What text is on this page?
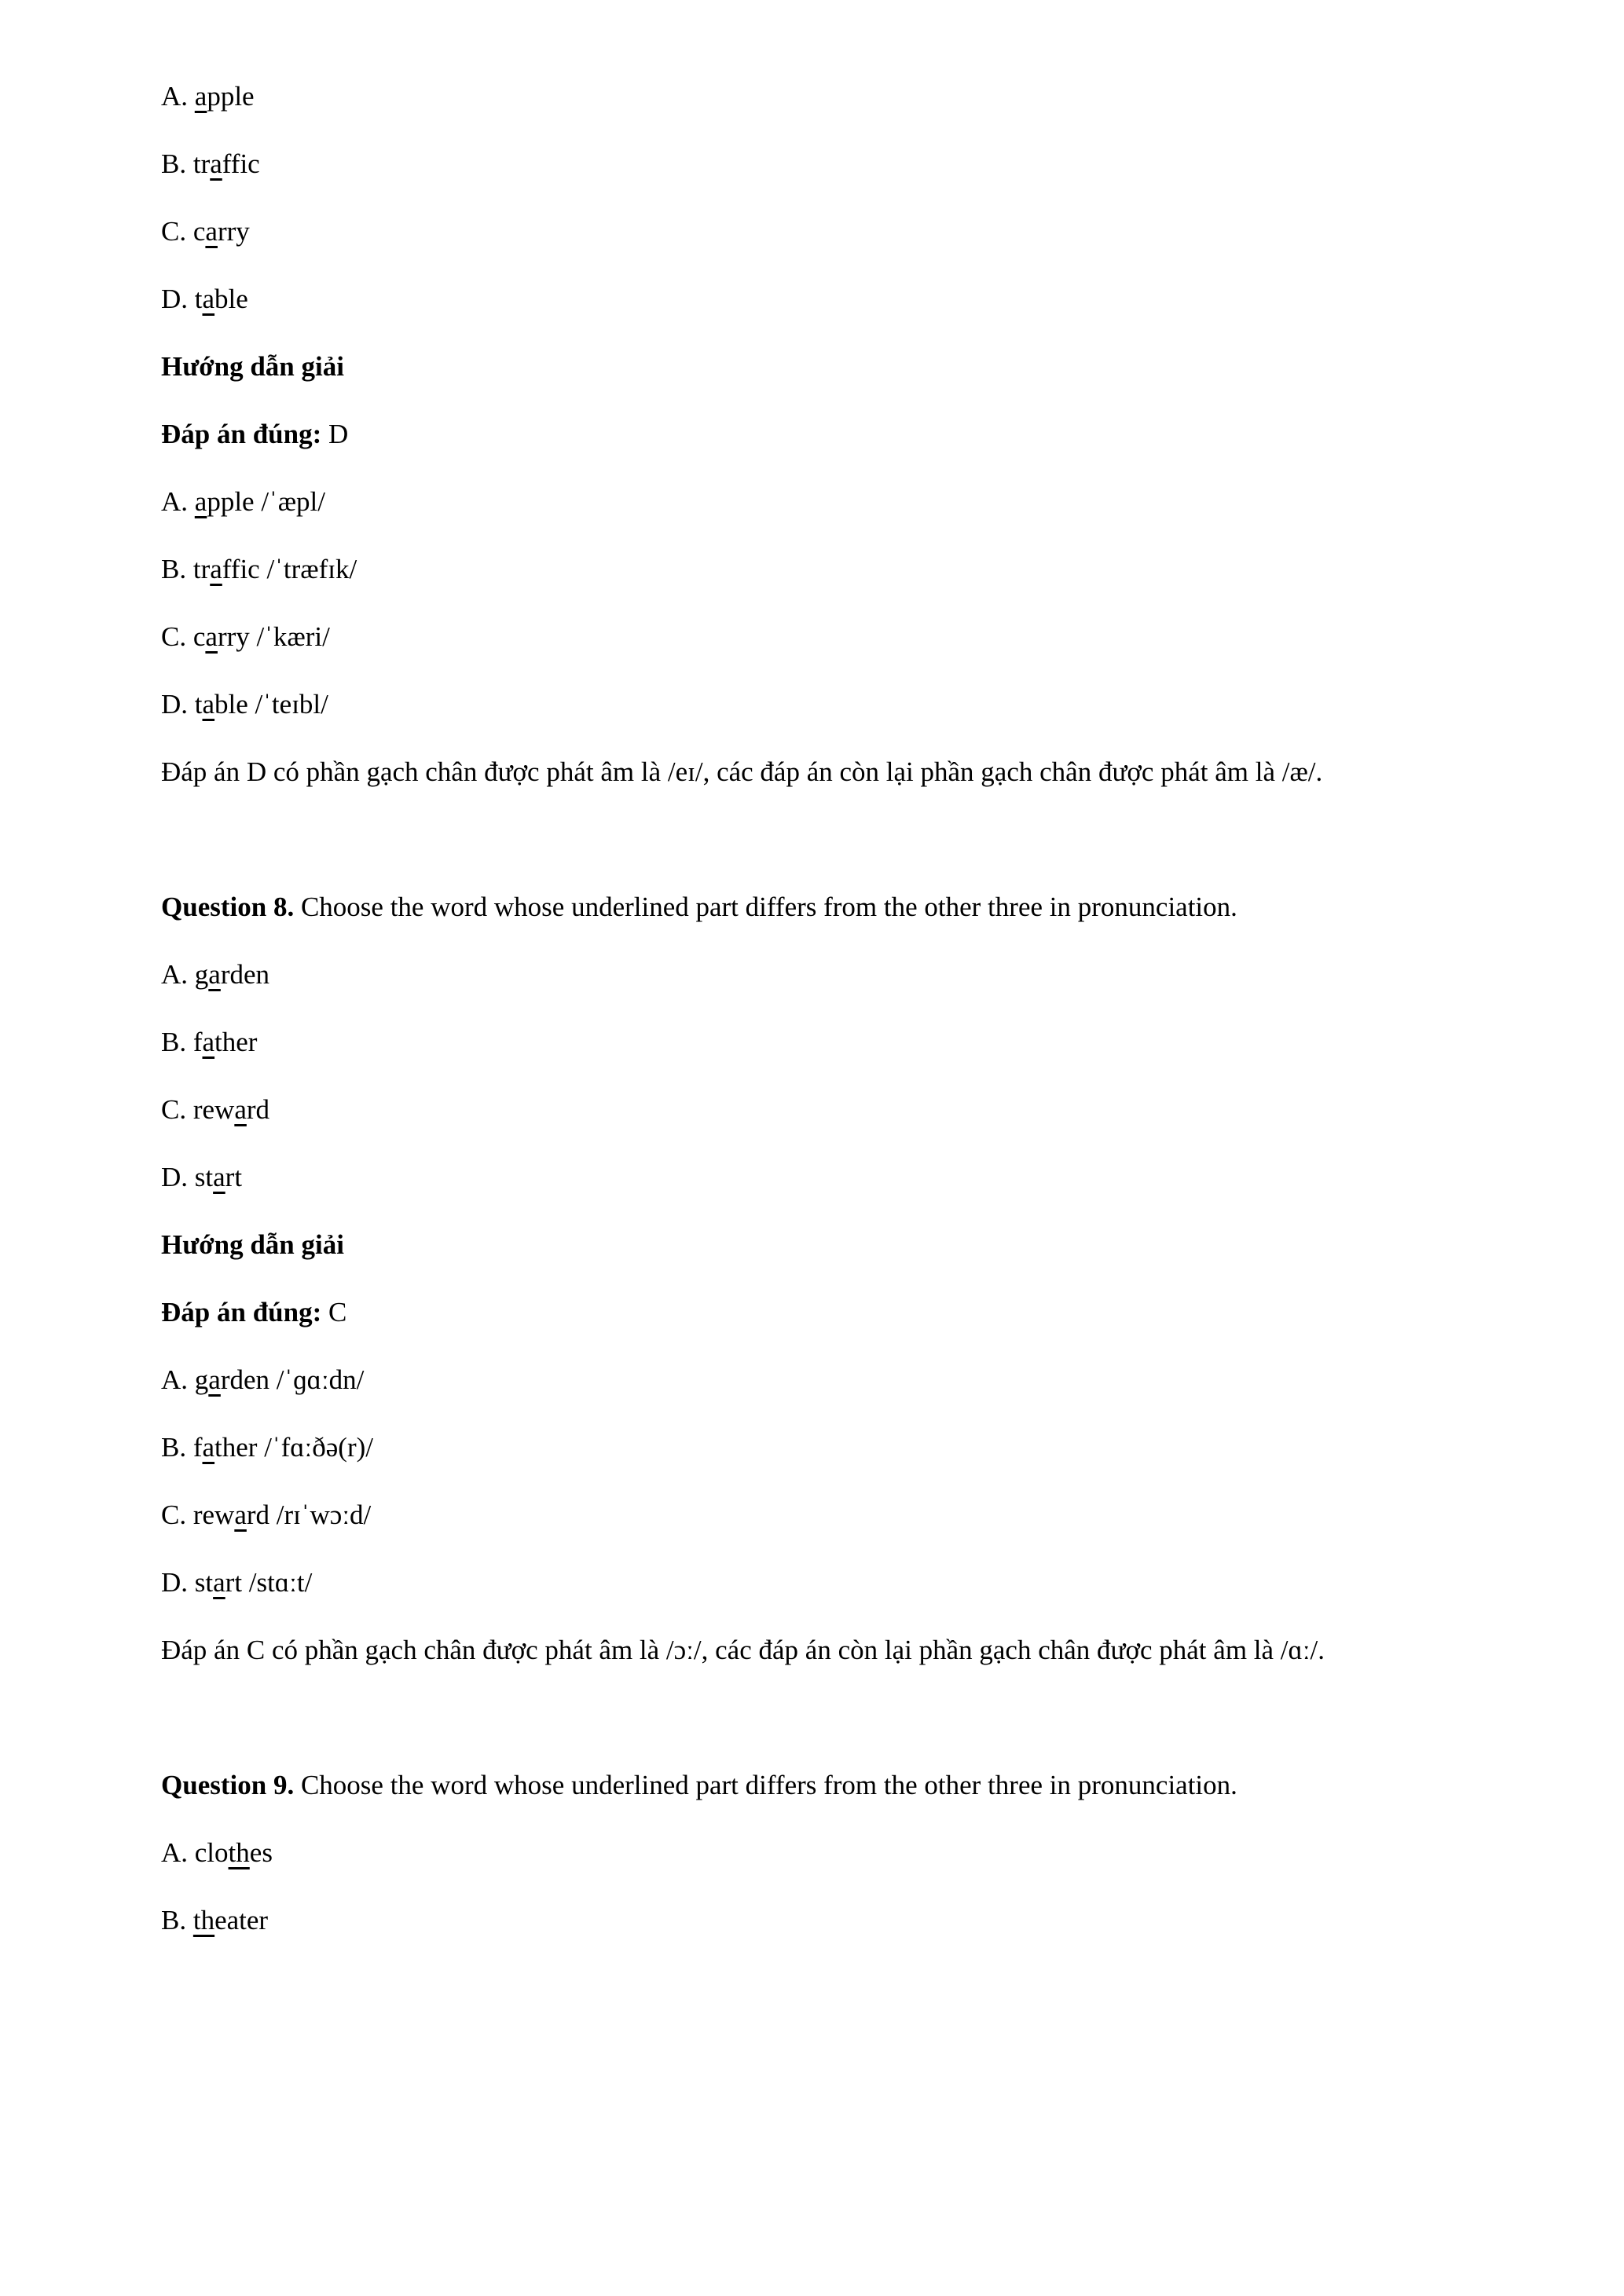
A. apple

B. traffic

C. carry

D. table

Hướng dẫn giải

Đáp án đúng: D

A. apple /ˈæpl/

B. traffic /ˈtræfɪk/

C. carry /ˈkæri/

D. table /ˈteɪbl/

Đáp án D có phần gạch chân được phát âm là /eɪ/, các đáp án còn lại phần gạch chân được phát âm là /æ/.

Question 8. Choose the word whose underlined part differs from the other three in pronunciation.

A. garden

B. father

C. reward

D. start

Hướng dẫn giải

Đáp án đúng: C

A. garden /ˈɡɑːdn/

B. father /ˈfɑːðə(r)/

C. reward /rɪˈwɔːd/

D. start /stɑːt/

Đáp án C có phần gạch chân được phát âm là /ɔː/, các đáp án còn lại phần gạch chân được phát âm là /ɑː/.

Question 9. Choose the word whose underlined part differs from the other three in pronunciation.

A. clothes

B. theater
